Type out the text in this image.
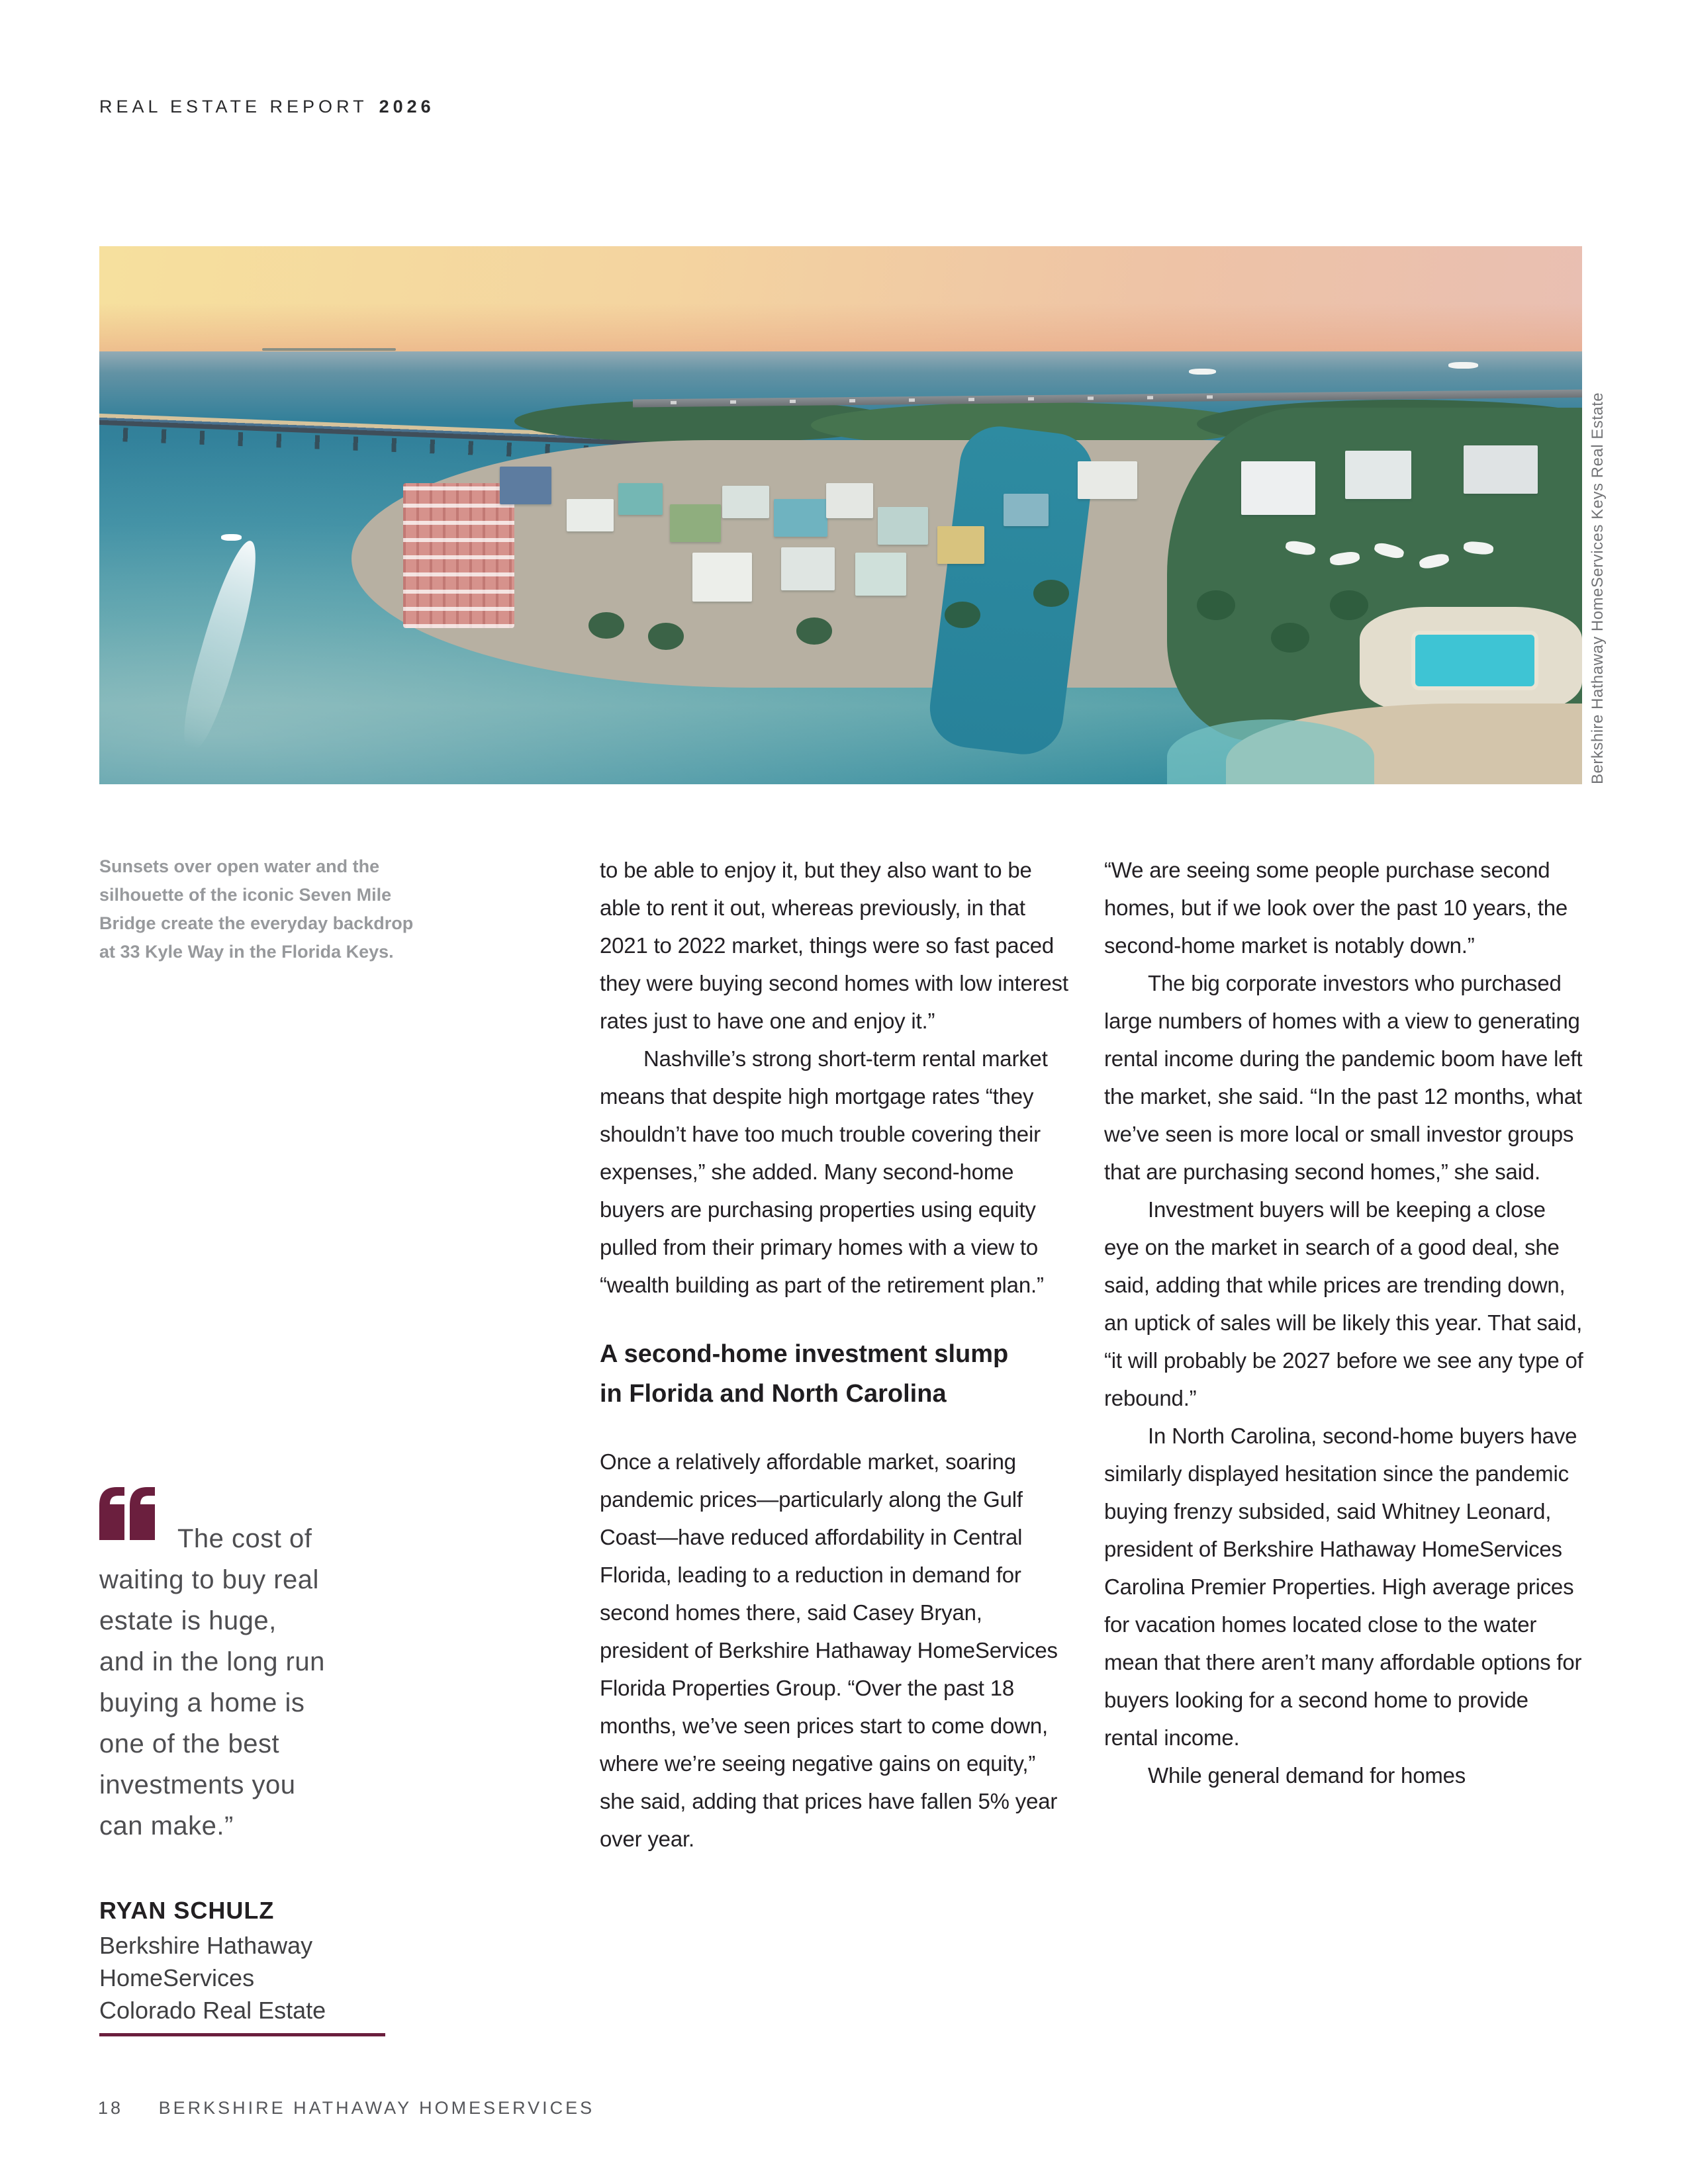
REAL ESTATE REPORT 2026
Berkshire Hathaway HomeServices Keys Real Estate
Sunsets over open water and the silhouette of the iconic Seven Mile Bridge create the everyday backdrop at 33 Kyle Way in the Florida Keys.
The cost of
waiting to buy real
estate is huge,
and in the long run
buying a home is
one of the best
investments you
can make.”
RYAN SCHULZ
Berkshire Hathaway
HomeServices
Colorado Real Estate

to be able to enjoy it, but they also want to be able to rent it out, whereas previously, in that 2021 to 2022 market, things were so fast paced they were buying second homes with low interest rates just to have one and enjoy it.”

Nashville’s strong short-term rental market means that despite high mortgage rates “they shouldn’t have too much trouble covering their expenses,” she added. Many second-home buyers are purchasing properties using equity pulled from their primary homes with a view to “wealth building as part of the retirement plan.”

A second-home investment slump
in Florida and North Carolina

Once a relatively affordable market, soaring pandemic prices—particularly along the Gulf Coast—have reduced affordability in Central Florida, leading to a reduction in demand for second homes there, said Casey Bryan, president of Berkshire Hathaway HomeServices Florida Properties Group. “Over the past 18 months, we’ve seen prices start to come down, where we’re seeing negative gains on equity,” she said, adding that prices have fallen 5% year over year.

“We are seeing some people purchase second homes, but if we look over the past 10 years, the second-home market is notably down.”

The big corporate investors who purchased large numbers of homes with a view to generating rental income during the pandemic boom have left the market, she said. “In the past 12 months, what we’ve seen is more local or small investor groups that are purchasing second homes,” she said.

Investment buyers will be keeping a close eye on the market in search of a good deal, she said, adding that while prices are trending down, an uptick of sales will be likely this year. That said, “it will probably be 2027 before we see any type of rebound.”

In North Carolina, second-home buyers have similarly displayed hesitation since the pandemic buying frenzy subsided, said Whitney Leonard, president of Berkshire Hathaway HomeServices Carolina Premier Properties. High average prices for vacation homes located close to the water mean that there aren’t many affordable options for buyers looking for a second home to provide rental income.

While general demand for homes

18 BERKSHIRE HATHAWAY HOMESERVICES
